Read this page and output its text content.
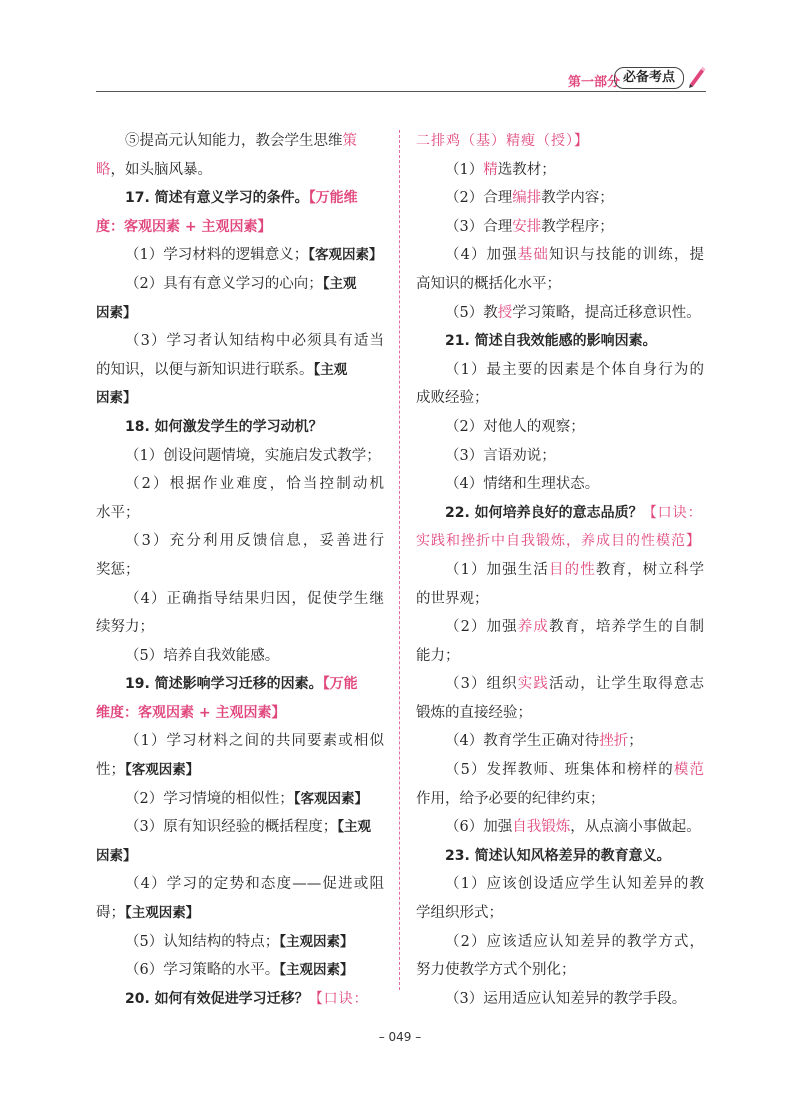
第一部分 必备考点
⑤提高元认知能力，教会学生思维策
略，如头脑风暴。
17. 简述有意义学习的条件。【万能维
度：客观因素 + 主观因素】
（1）学习材料的逻辑意义；【客观因素】
（2）具有有意义学习的心向；【主观
因素】
（3）学习者认知结构中必须具有适当
的知识，以便与新知识进行联系。【主观
因素】
18. 如何激发学生的学习动机？
（1）创设问题情境，实施启发式教学；
（2）根据作业难度，恰当控制动机
水平；
（3）充分利用反馈信息，妥善进行
奖惩；
（4）正确指导结果归因，促使学生继
续努力；
（5）培养自我效能感。
19. 简述影响学习迁移的因素。【万能
维度：客观因素 + 主观因素】
（1）学习材料之间的共同要素或相似
性；【客观因素】
（2）学习情境的相似性；【客观因素】
（3）原有知识经验的概括程度；【主观
因素】
（4）学习的定势和态度——促进或阻
碍；【主观因素】
（5）认知结构的特点；【主观因素】
（6）学习策略的水平。【主观因素】
20. 如何有效促进学习迁移？【口诀：
二排鸡（基）精瘦（授）】
（1）精选教材；
（2）合理编排教学内容；
（3）合理安排教学程序；
（4）加强基础知识与技能的训练，提
高知识的概括化水平；
（5）教授学习策略，提高迁移意识性。
21. 简述自我效能感的影响因素。
（1）最主要的因素是个体自身行为的
成败经验；
（2）对他人的观察；
（3）言语劝说；
（4）情绪和生理状态。
22. 如何培养良好的意志品质？【口诀：
实践和挫折中自我锻炼，养成目的性模范】
（1）加强生活目的性教育，树立科学
的世界观；
（2）加强养成教育，培养学生的自制
能力；
（3）组织实践活动，让学生取得意志
锻炼的直接经验；
（4）教育学生正确对待挫折；
（5）发挥教师、班集体和榜样的模范
作用，给予必要的纪律约束；
（6）加强自我锻炼，从点滴小事做起。
23. 简述认知风格差异的教育意义。
（1）应该创设适应学生认知差异的教
学组织形式；
（2）应该适应认知差异的教学方式，
努力使教学方式个别化；
（3）运用适应认知差异的教学手段。
– 049 –
